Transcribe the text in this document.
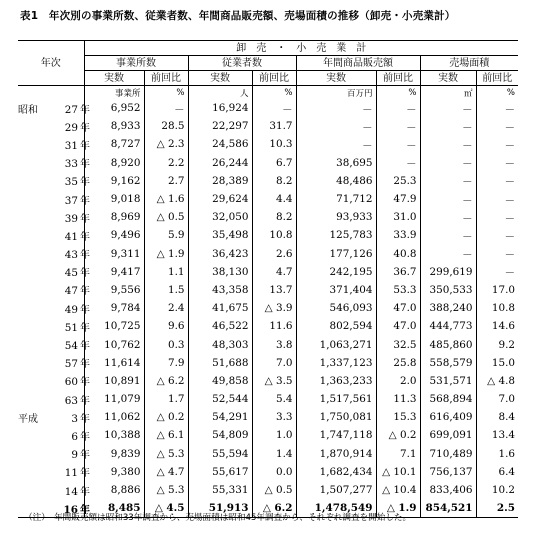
表1　年次別の事業所数、従業者数、年間商品販売額、売場面積の推移（卸売・小売業計）
年次	卸　売　・　小　売　業　計							
	事業所数		従業者数		年間商品販売額		売場面積	
	実数	前回比	実数	前回比	実数	前回比	実数	前回比
	事業所	%	人	%	百万円	%	㎡	%
昭和 27 年	6,952	－	16,924	－	－	－	－	－
29 年	8,933	28.5	22,297	31.7	－	－	－	－
31 年	8,727	△ 2.3	24,586	10.3	－	－	－	－
33 年	8,920	2.2	26,244	6.7	38,695	－	－	－
35 年	9,162	2.7	28,389	8.2	48,486	25.3	－	－
37 年	9,018	△ 1.6	29,624	4.4	71,712	47.9	－	－
39 年	8,969	△ 0.5	32,050	8.2	93,933	31.0	－	－
41 年	9,496	5.9	35,498	10.8	125,783	33.9	－	－
43 年	9,311	△ 1.9	36,423	2.6	177,126	40.8	－	－
45 年	9,417	1.1	38,130	4.7	242,195	36.7	299,619	－
47 年	9,556	1.5	43,358	13.7	371,404	53.3	350,533	17.0
49 年	9,784	2.4	41,675	△ 3.9	546,093	47.0	388,240	10.8
51 年	10,725	9.6	46,522	11.6	802,594	47.0	444,773	14.6
54 年	10,762	0.3	48,303	3.8	1,063,271	32.5	485,860	9.2
57 年	11,614	7.9	51,688	7.0	1,337,123	25.8	558,579	15.0
60 年	10,891	△ 6.2	49,858	△ 3.5	1,363,233	2.0	531,571	△ 4.8
63 年	11,079	1.7	52,544	5.4	1,517,561	11.3	568,894	7.0
平成 3 年	11,062	△ 0.2	54,291	3.3	1,750,081	15.3	616,409	8.4
6 年	10,388	△ 6.1	54,809	1.0	1,747,118	△ 0.2	699,091	13.4
9 年	9,839	△ 5.3	55,594	1.4	1,870,914	7.1	710,489	1.6
11 年	9,380	△ 4.7	55,617	0.0	1,682,434	△ 10.1	756,137	6.4
14 年	8,886	△ 5.3	55,331	△ 0.5	1,507,277	△ 10.4	833,406	10.2
16 年	8,485	△ 4.5	51,913	△ 6.2	1,478,549	△ 1.9	854,521	2.5
（注）　年間販売額は昭和33年調査から、売場面積は昭和45年調査から、それぞれ調査を開始した。
